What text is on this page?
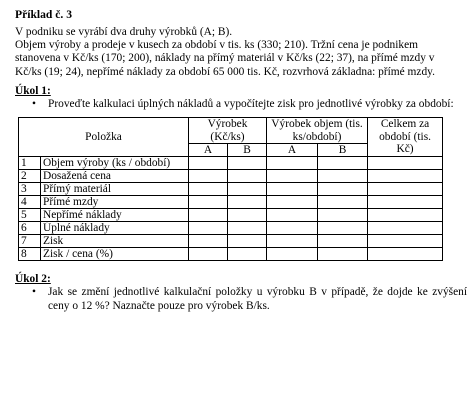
Příklad č. 3

V podniku se vyrábí dva druhy výrobků (A; B).

Objem výroby a prodeje v kusech za období v tis. ks (330; 210). Tržní cena je podnikem

stanovena v Kč/ks (170; 200), náklady na přímý materiál v Kč/ks (22; 37), na přímé mzdy v

Kč/ks (19; 24), nepřímé náklady za období 65 000 tis. Kč, rozvrhová základna: přímé mzdy.

Úkol 1:
• Proveďte kalkulaci úplných nákladů a vypočítejte zisk pro jednotlivé výrobky za období:
Položka		Výrobek (Kč/ks)		Výrobek objem (tis. ks/období)		Celkem za období (tis. Kč)
		A	B	A	B	
1	Objem výroby (ks / období)					
2	Dosažená cena					
3	Přímý materiál					
4	Přímé mzdy					
5	Nepřímé náklady					
6	Úplné náklady					
7	Zisk					
8	Zisk / cena (%)					
Úkol 2:
• Jak se změní jednotlivé kalkulační položky u výrobku B v případě, že dojde ke zvýšení ceny o 12 %? Naznačte pouze pro výrobek B/ks.
